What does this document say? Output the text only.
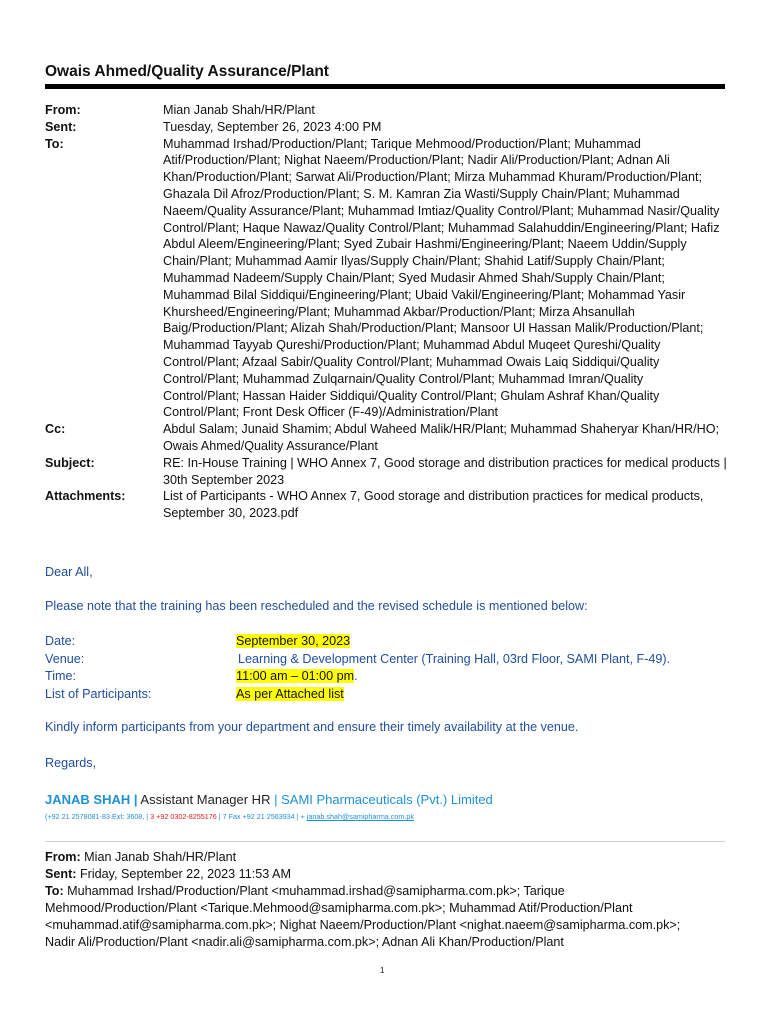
Owais Ahmed/Quality Assurance/Plant
From:	Mian Janab Shah/HR/Plant
Sent:	Tuesday, September 26, 2023 4:00 PM
To:	Muhammad Irshad/Production/Plant; Tarique Mehmood/Production/Plant; Muhammad
Atif/Production/Plant; Nighat Naeem/Production/Plant; Nadir Ali/Production/Plant; Adnan Ali
Khan/Production/Plant; Sarwat Ali/Production/Plant; Mirza Muhammad Khuram/Production/Plant;
Ghazala Dil Afroz/Production/Plant; S. M. Kamran Zia Wasti/Supply Chain/Plant; Muhammad
Naeem/Quality Assurance/Plant; Muhammad Imtiaz/Quality Control/Plant; Muhammad Nasir/Quality
Control/Plant; Haque Nawaz/Quality Control/Plant; Muhammad Salahuddin/Engineering/Plant; Hafiz
Abdul Aleem/Engineering/Plant; Syed Zubair Hashmi/Engineering/Plant; Naeem Uddin/Supply
Chain/Plant; Muhammad Aamir Ilyas/Supply Chain/Plant; Shahid Latif/Supply Chain/Plant;
Muhammad Nadeem/Supply Chain/Plant; Syed Mudasir Ahmed Shah/Supply Chain/Plant;
Muhammad Bilal Siddiqui/Engineering/Plant; Ubaid Vakil/Engineering/Plant; Mohammad Yasir
Khursheed/Engineering/Plant; Muhammad Akbar/Production/Plant; Mirza Ahsanullah
Baig/Production/Plant; Alizah Shah/Production/Plant; Mansoor Ul Hassan Malik/Production/Plant;
Muhammad Tayyab Qureshi/Production/Plant; Muhammad Abdul Muqeet Qureshi/Quality
Control/Plant; Afzaal Sabir/Quality Control/Plant; Muhammad Owais Laiq Siddiqui/Quality
Control/Plant; Muhammad Zulqarnain/Quality Control/Plant; Muhammad Imran/Quality
Control/Plant; Hassan Haider Siddiqui/Quality Control/Plant; Ghulam Ashraf Khan/Quality
Control/Plant; Front Desk Officer (F-49)/Administration/Plant
Cc:	Abdul Salam; Junaid Shamim; Abdul Waheed Malik/HR/Plant; Muhammad Shaheryar Khan/HR/HO;
Owais Ahmed/Quality Assurance/Plant
Subject:	RE: In-House Training | WHO Annex 7, Good storage and distribution practices for medical products |
30th September 2023
Attachments:	List of Participants - WHO Annex 7, Good storage and distribution practices for medical products,
September 30, 2023.pdf

Dear All,

Please note that the training has been rescheduled and the revised schedule is mentioned below:

Date:	September 30, 2023
Venue:	Learning & Development Center (Training Hall, 03rd Floor, SAMI Plant, F-49).
Time:	11:00 am – 01:00 pm.
List of Participants:	As per Attached list

Kindly inform participants from your department and ensure their timely availability at the venue.

Regards,

JANAB SHAH | Assistant Manager HR | SAMI Pharmaceuticals (Pvt.) Limited
(+92 21 2578081-83 Ext: 3608, | 3 +92 0302-8255176 | 7 Fax +92 21 2563934 | + janab.shah@samipharma.com.pk
From: Mian Janab Shah/HR/Plant
Sent: Friday, September 22, 2023 11:53 AM
To: Muhammad Irshad/Production/Plant <muhammad.irshad@samipharma.com.pk>; Tarique
Mehmood/Production/Plant <Tarique.Mehmood@samipharma.com.pk>; Muhammad Atif/Production/Plant
<muhammad.atif@samipharma.com.pk>; Nighat Naeem/Production/Plant <nighat.naeem@samipharma.com.pk>;
Nadir Ali/Production/Plant <nadir.ali@samipharma.com.pk>; Adnan Ali Khan/Production/Plant
1
